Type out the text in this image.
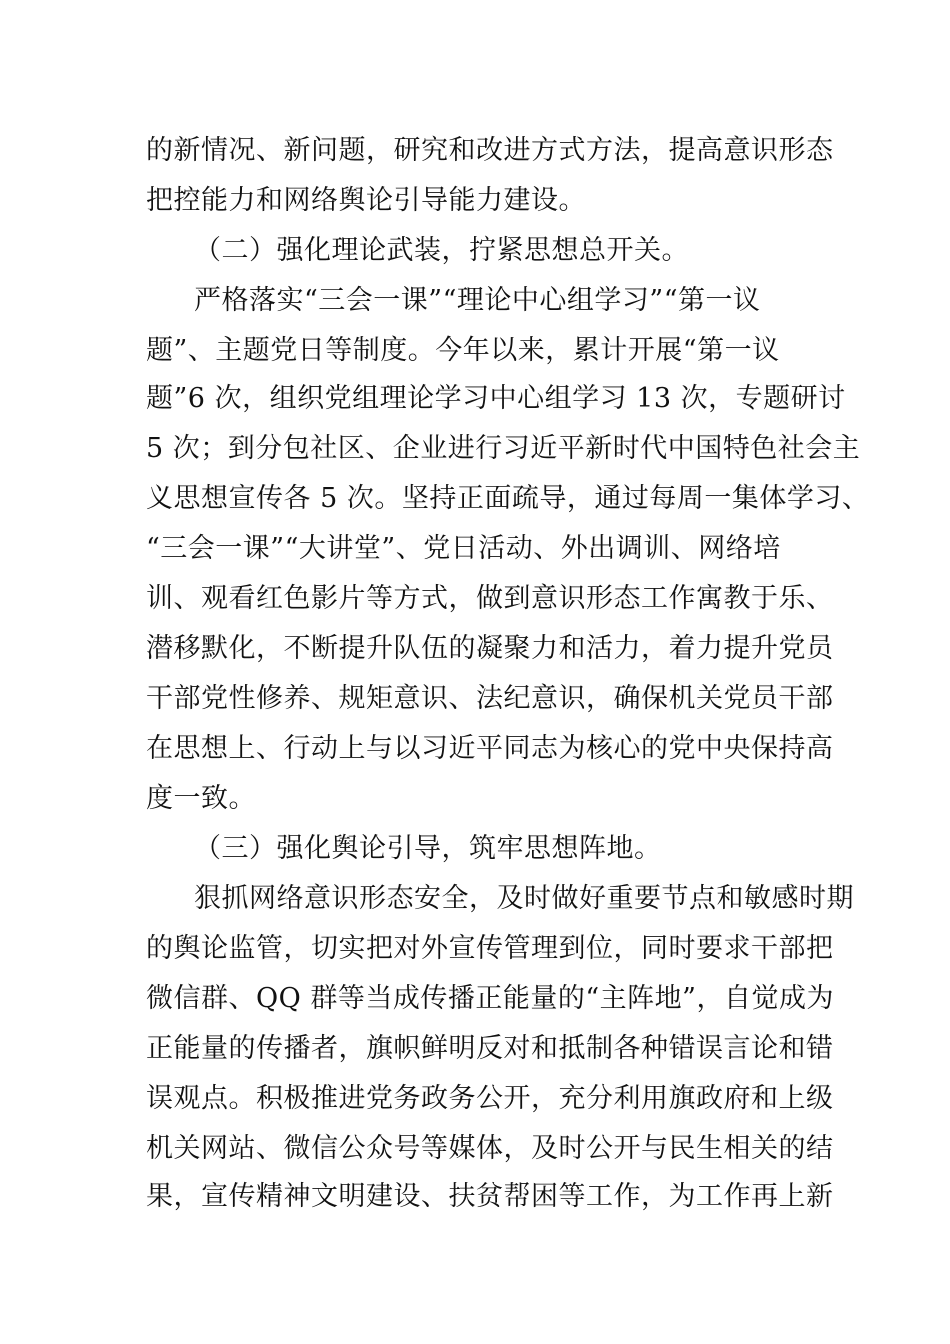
的新情况、新问题，研究和改进方式方法，提高意识形态
把控能力和网络舆论引导能力建设。
（二）强化理论武装，拧紧思想总开关。
严格落实“三会一课”“理论中心组学习”“第一议
题”、主题党日等制度。今年以来，累计开展“第一议
题”6 次，组织党组理论学习中心组学习 13 次，专题研讨
5 次；到分包社区、企业进行习近平新时代中国特色社会主
义思想宣传各 5 次。坚持正面疏导，通过每周一集体学习、
“三会一课”“大讲堂”、党日活动、外出调训、网络培
训、观看红色影片等方式，做到意识形态工作寓教于乐、
潜移默化，不断提升队伍的凝聚力和活力，着力提升党员
干部党性修养、规矩意识、法纪意识，确保机关党员干部
在思想上、行动上与以习近平同志为核心的党中央保持高
度一致。
（三）强化舆论引导，筑牢思想阵地。
狠抓网络意识形态安全，及时做好重要节点和敏感时期
的舆论监管，切实把对外宣传管理到位，同时要求干部把
微信群、QQ 群等当成传播正能量的“主阵地”，自觉成为
正能量的传播者，旗帜鲜明反对和抵制各种错误言论和错
误观点。积极推进党务政务公开，充分利用旗政府和上级
机关网站、微信公众号等媒体，及时公开与民生相关的结
果，宣传精神文明建设、扶贫帮困等工作，为工作再上新
